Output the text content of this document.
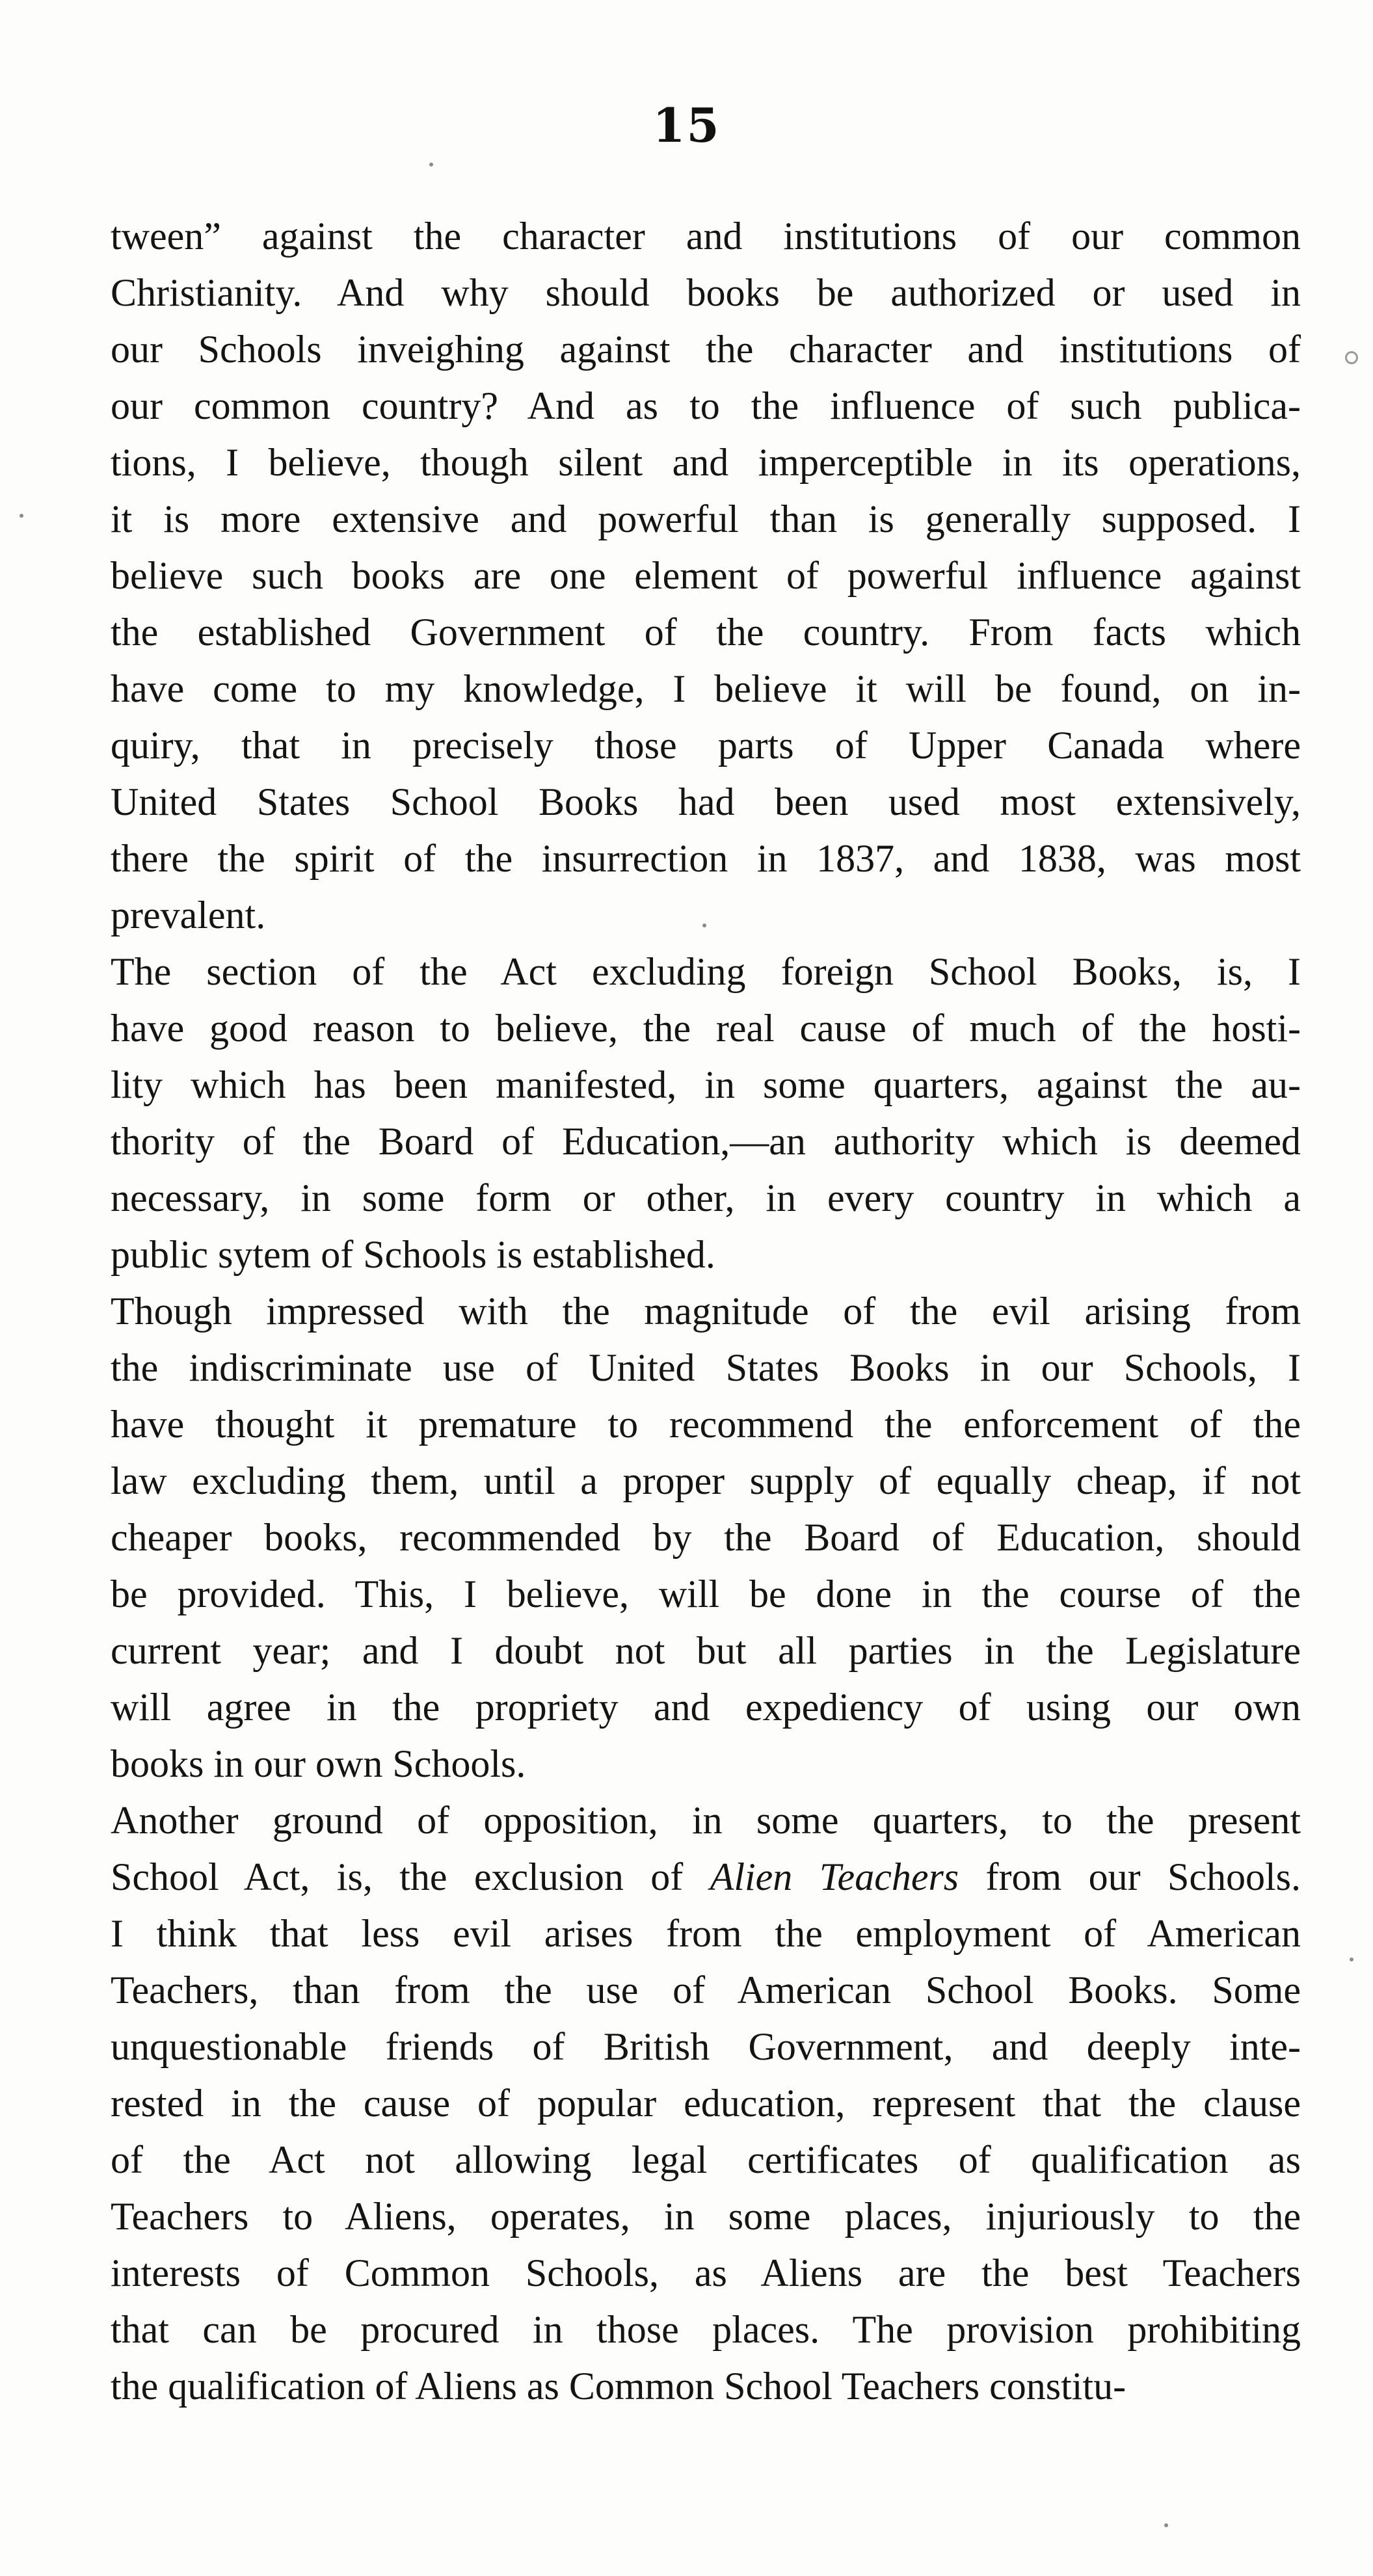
15
tween” against the character and institutions of our common
Christianity. And why should books be authorized or used in
our Schools inveighing against the character and institutions of
our common country? And as to the influence of such publica-
tions, I believe, though silent and imperceptible in its operations,
it is more extensive and powerful than is generally supposed. I
believe such books are one element of powerful influence against
the established Government of the country. From facts which
have come to my knowledge, I believe it will be found, on in-
quiry, that in precisely those parts of Upper Canada where
United States School Books had been used most extensively,
there the spirit of the insurrection in 1837, and 1838, was most
prevalent.
The section of the Act excluding foreign School Books, is, I
have good reason to believe, the real cause of much of the hosti-
lity which has been manifested, in some quarters, against the au-
thority of the Board of Education,—an authority which is deemed
necessary, in some form or other, in every country in which a
public sytem of Schools is established.
Though impressed with the magnitude of the evil arising from
the indiscriminate use of United States Books in our Schools, I
have thought it premature to recommend the enforcement of the
law excluding them, until a proper supply of equally cheap, if not
cheaper books, recommended by the Board of Education, should
be provided. This, I believe, will be done in the course of the
current year; and I doubt not but all parties in the Legislature
will agree in the propriety and expediency of using our own
books in our own Schools.
Another ground of opposition, in some quarters, to the present
School Act, is, the exclusion of Alien Teachers from our Schools.
I think that less evil arises from the employment of American
Teachers, than from the use of American School Books. Some
unquestionable friends of British Government, and deeply inte-
rested in the cause of popular education, represent that the clause
of the Act not allowing legal certificates of qualification as
Teachers to Aliens, operates, in some places, injuriously to the
interests of Common Schools, as Aliens are the best Teachers
that can be procured in those places. The provision prohibiting
the qualification of Aliens as Common School Teachers constitu-
